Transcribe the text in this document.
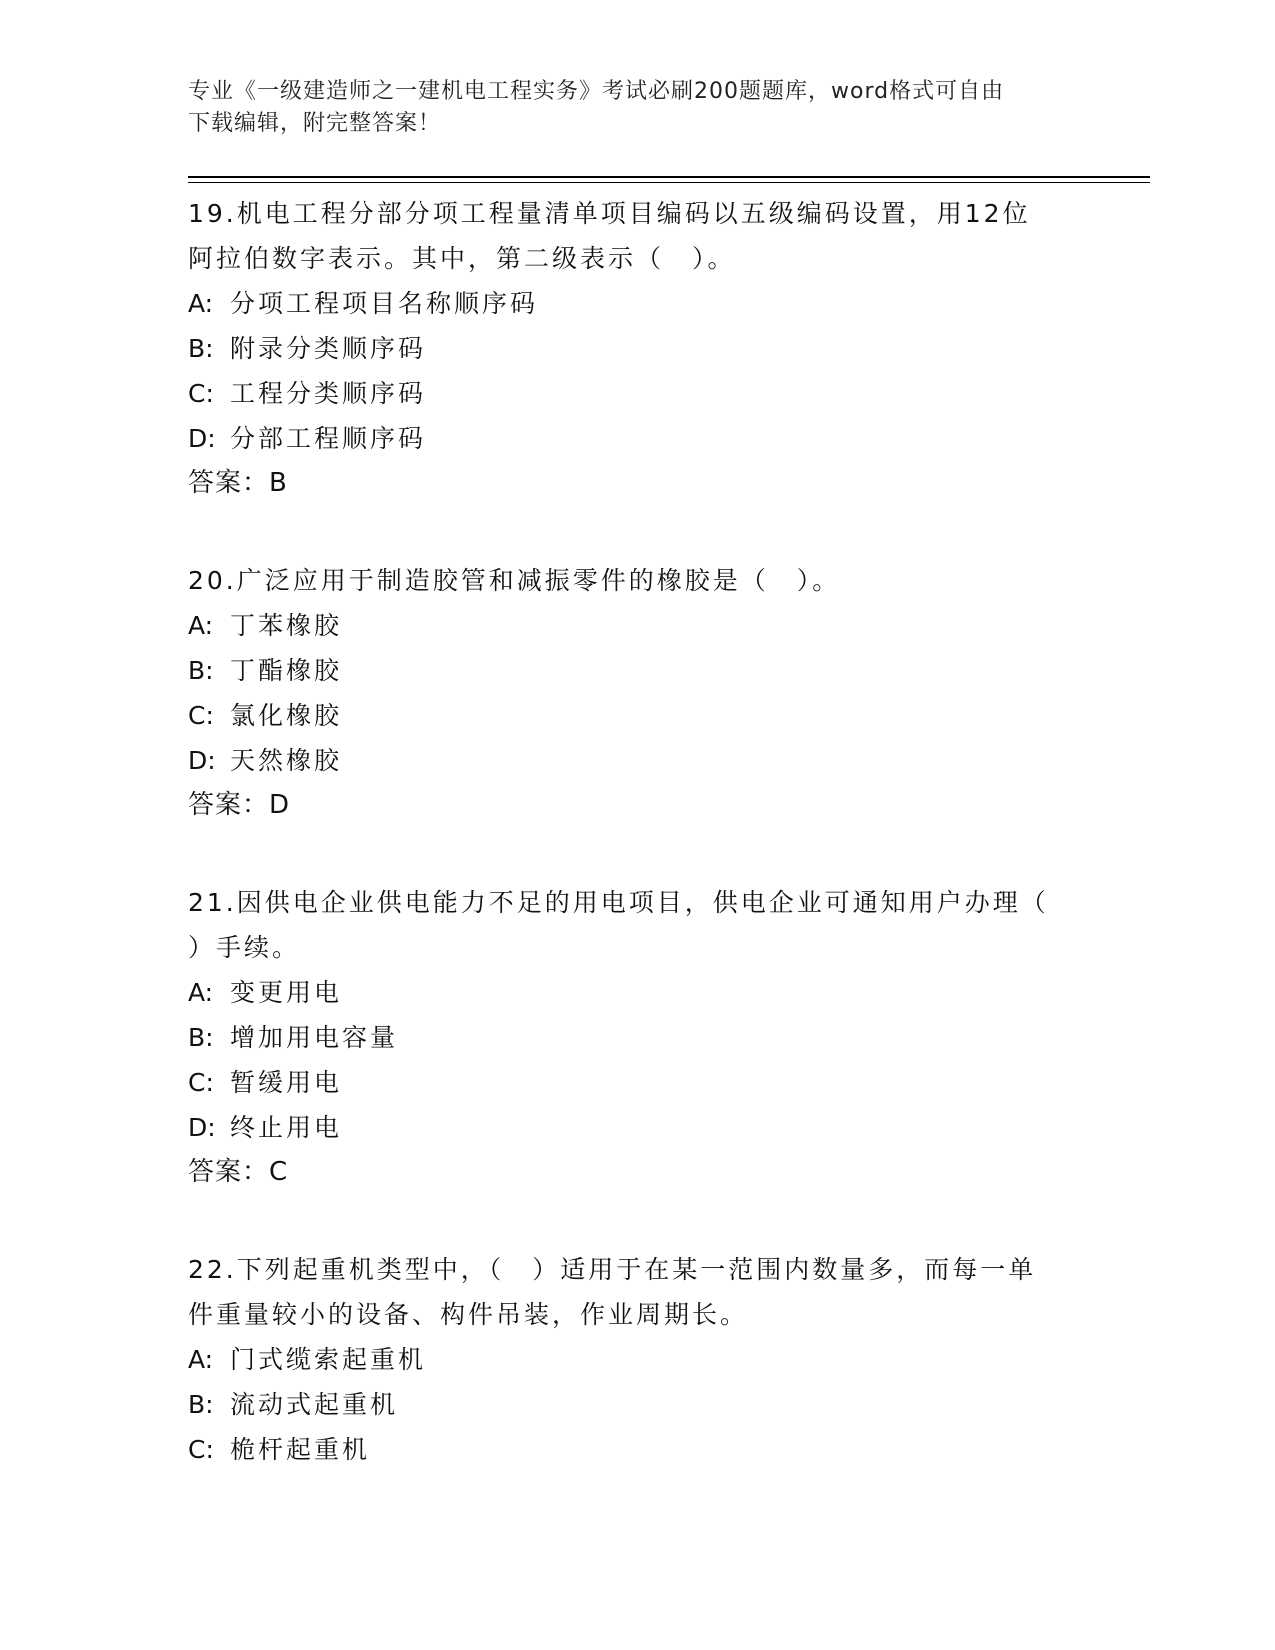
专业《一级建造师之一建机电工程实务》考试必刷200题题库，word格式可自由

下载编辑，附完整答案！

19.机电工程分部分项工程量清单项目编码以五级编码设置，用12位
阿拉伯数字表示。其中，第二级表示（　）。
A: 分项工程项目名称顺序码
B: 附录分类顺序码
C: 工程分类顺序码
D: 分部工程顺序码
答案：B
20.广泛应用于制造胶管和减振零件的橡胶是（　）。
A: 丁苯橡胶
B: 丁酯橡胶
C: 氯化橡胶
D: 天然橡胶
答案：D
21.因供电企业供电能力不足的用电项目，供电企业可通知用户办理（
）手续。
A: 变更用电
B: 增加用电容量
C: 暂缓用电
D: 终止用电
答案：C
22.下列起重机类型中，（　）适用于在某一范围内数量多，而每一单
件重量较小的设备、构件吊装，作业周期长。
A: 门式缆索起重机
B: 流动式起重机
C: 桅杆起重机
